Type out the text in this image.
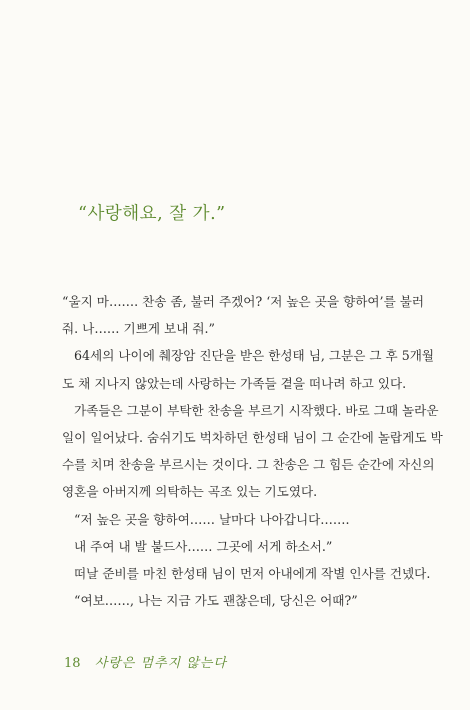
“사랑해요, 잘 가.”
“울지 마……. 찬송 좀, 불러 주겠어? ‘저 높은 곳을 향하여’를 불러
줘. 나…… 기쁘게 보내 줘.”
64세의 나이에 췌장암 진단을 받은 한성태 님, 그분은 그 후 5개월
도 채 지나지 않았는데 사랑하는 가족들 곁을 떠나려 하고 있다.
가족들은 그분이 부탁한 찬송을 부르기 시작했다. 바로 그때 놀라운
일이 일어났다. 숨쉬기도 벅차하던 한성태 님이 그 순간에 놀랍게도 박
수를 치며 찬송을 부르시는 것이다. 그 찬송은 그 힘든 순간에 자신의
영혼을 아버지께 의탁하는 곡조 있는 기도였다.
“저 높은 곳을 향하여…… 날마다 나아갑니다…….
내 주여 내 발 붙드사…… 그곳에 서게 하소서.”
떠날 준비를 마친 한성태 님이 먼저 아내에게 작별 인사를 건넸다.
“여보……, 나는 지금 가도 괜찮은데, 당신은 어때?”
18 사랑은 멈추지 않는다
